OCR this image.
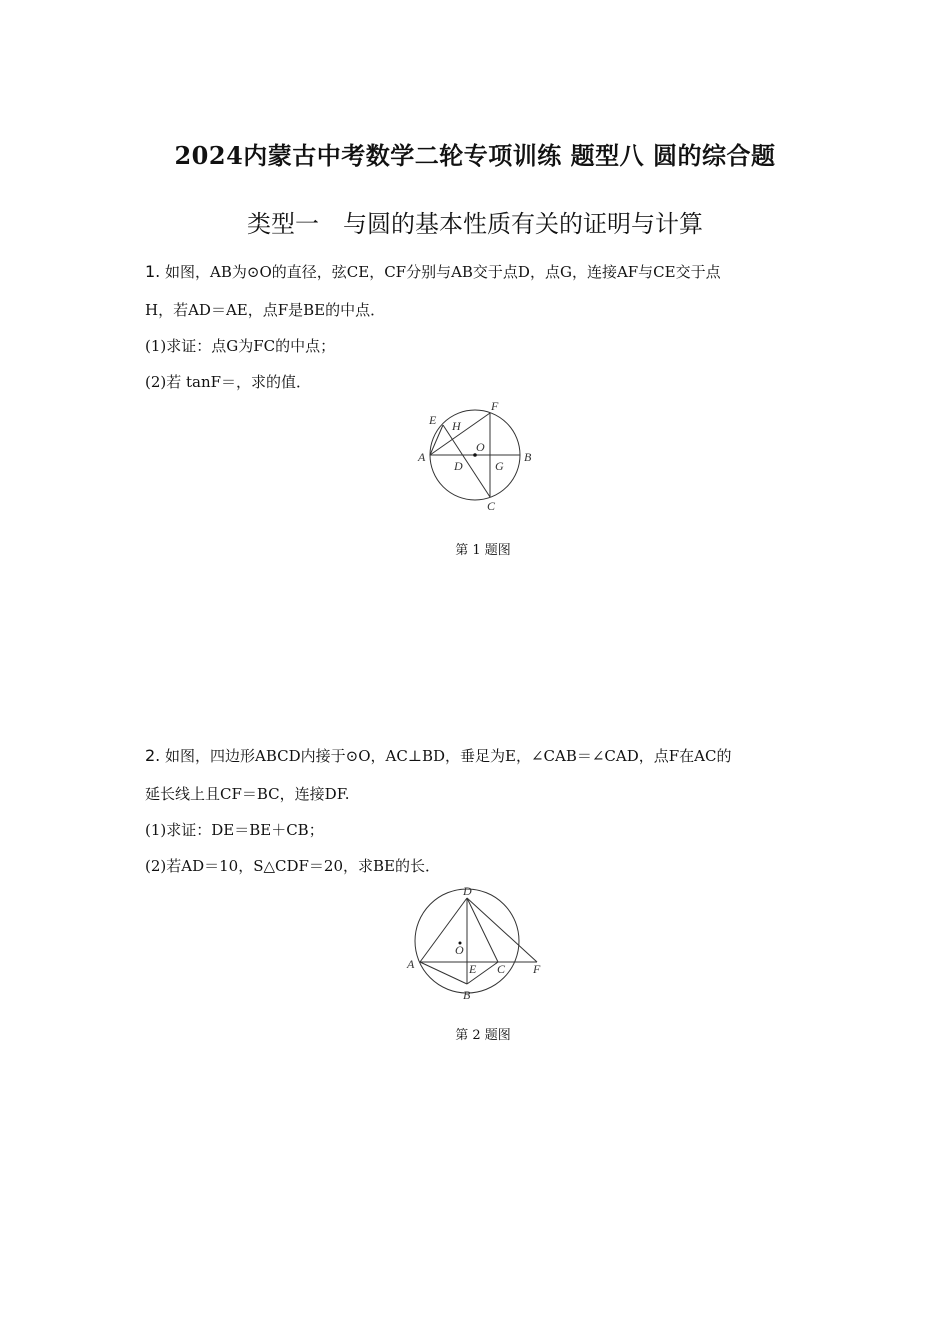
2024内蒙古中考数学二轮专项训练 题型八 圆的综合题
类型一　与圆的基本性质有关的证明与计算
1. 如图，AB为⊙O的直径，弦CE，CF分别与AB交于点D，点G，连接AF与CE交于点
H，若AD＝AE，点F是BE的中点．
(1)求证：点G为FC的中点；
(2)若 tanF＝，求的值．
A	B
C
D
E
F
G
H
O
第 1 题图
2. 如图，四边形ABCD内接于⊙O，AC⊥BD，垂足为E，∠CAB＝∠CAD，点F在AC的
延长线上且CF＝BC，连接DF.
(1)求证：DE＝BE＋CB；
(2)若AD＝10，S△CDF＝20，求BE的长．
A
B
C
D
E	F
O
第 2 题图
